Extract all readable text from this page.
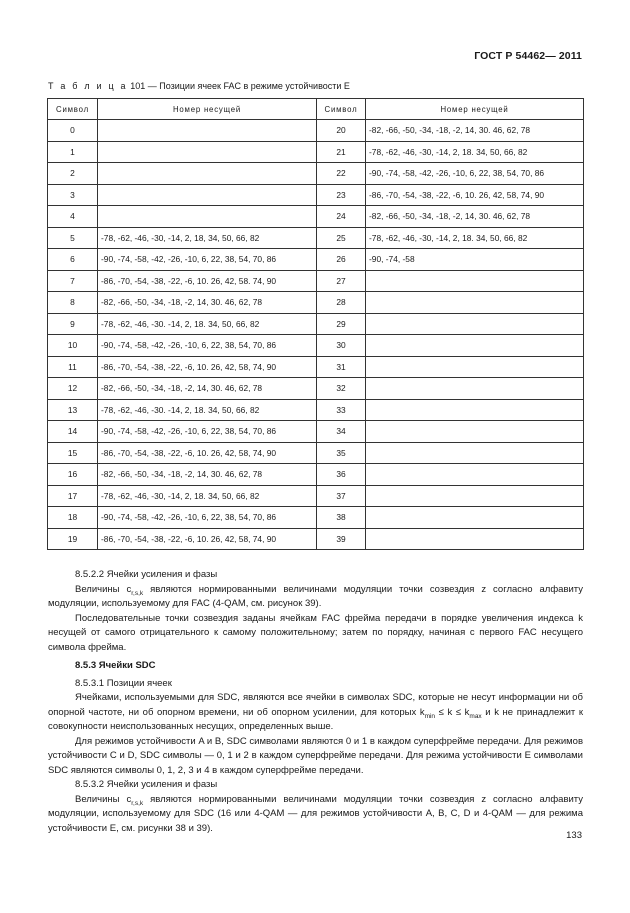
ГОСТ Р 54462— 2011
Т а б л и ц а 101 — Позиции ячеек FAC в режиме устойчивости Е
Символ	Номер несущей	Символ	Номер несущей
0		20	-82, -66, -50, -34, -18, -2, 14, 30. 46, 62, 78
1		21	-78, -62, -46, -30, -14, 2, 18. 34, 50, 66, 82
2		22	-90, -74, -58, -42, -26, -10, 6, 22, 38, 54, 70, 86
3		23	-86, -70, -54, -38, -22, -6, 10. 26, 42, 58, 74, 90
4		24	-82, -66, -50, -34, -18, -2, 14, 30. 46, 62, 78
5	-78, -62, -46, -30, -14, 2, 18, 34, 50, 66, 82	25	-78, -62, -46, -30, -14, 2, 18. 34, 50, 66, 82
6	-90, -74, -58, -42, -26, -10, 6, 22, 38, 54, 70, 86	26	-90, -74, -58
7	-86, -70, -54, -38, -22, -6, 10. 26, 42, 58. 74, 90	27	
8	-82, -66, -50, -34, -18, -2, 14, 30. 46, 62, 78	28	
9	-78, -62, -46, -30. -14, 2, 18. 34, 50, 66, 82	29	
10	-90, -74, -58, -42, -26, -10, 6, 22, 38, 54, 70, 86	30	
11	-86, -70, -54, -38, -22, -6, 10. 26, 42, 58, 74, 90	31	
12	-82, -66, -50, -34, -18, -2, 14, 30. 46, 62, 78	32	
13	-78, -62, -46, -30. -14, 2, 18. 34, 50, 66, 82	33	
14	-90, -74, -58, -42, -26, -10, 6, 22, 38, 54, 70, 86	34	
15	-86, -70, -54, -38, -22, -6, 10. 26, 42, 58, 74, 90	35	
16	-82, -66, -50, -34, -18, -2, 14, 30. 46, 62, 78	36	
17	-78, -62, -46, -30, -14, 2, 18. 34, 50, 66, 82	37	
18	-90, -74, -58, -42, -26, -10, 6, 22, 38, 54, 70, 86	38	
19	-86, -70, -54, -38, -22, -6, 10. 26, 42, 58, 74, 90	39	

8.5.2.2 Ячейки усиления и фазы

Величины $c_{r,s,k}$ являются нормированными величинами модуляции точки созвездия z согласно алфавиту модуляции, используемому для FAC (4-QAM, см. рисунок 39).

Последовательные точки созвездия заданы ячейкам FAC фрейма передачи в порядке увеличения индекса k несущей от самого отрицательного к самому положительному; затем по порядку, начиная с первого FAC несущего символа фрейма.

8.5.3 Ячейки SDC

8.5.3.1 Позиции ячеек

Ячейками, используемыми для SDC, являются все ячейки в символах SDC, которые не несут информации ни об опорной частоте, ни об опорном времени, ни об опорном усилении, для которых $k_{min} \le k \le k_{max}$ и k не принадлежит к совокупности неиспользованных несущих, определенных выше.

Для режимов устойчивости A и B, SDC символами являются 0 и 1 в каждом суперфрейме передачи. Для режимов устойчивости C и D, SDC символы — 0, 1 и 2 в каждом суперфрейме передачи. Для режима устойчивости E символами SDC являются символы 0, 1, 2, 3 и 4 в каждом суперфрейме передачи.

8.5.3.2 Ячейки усиления и фазы

Величины $c_{r,s,k}$ являются нормированными величинами модуляции точки созвездия z согласно алфавиту модуляции, используемому для SDC (16 или 4-QAM — для режимов устойчивости A, B, C, D и 4-QAM — для режима устойчивости E, см. рисунки 38 и 39).

133
